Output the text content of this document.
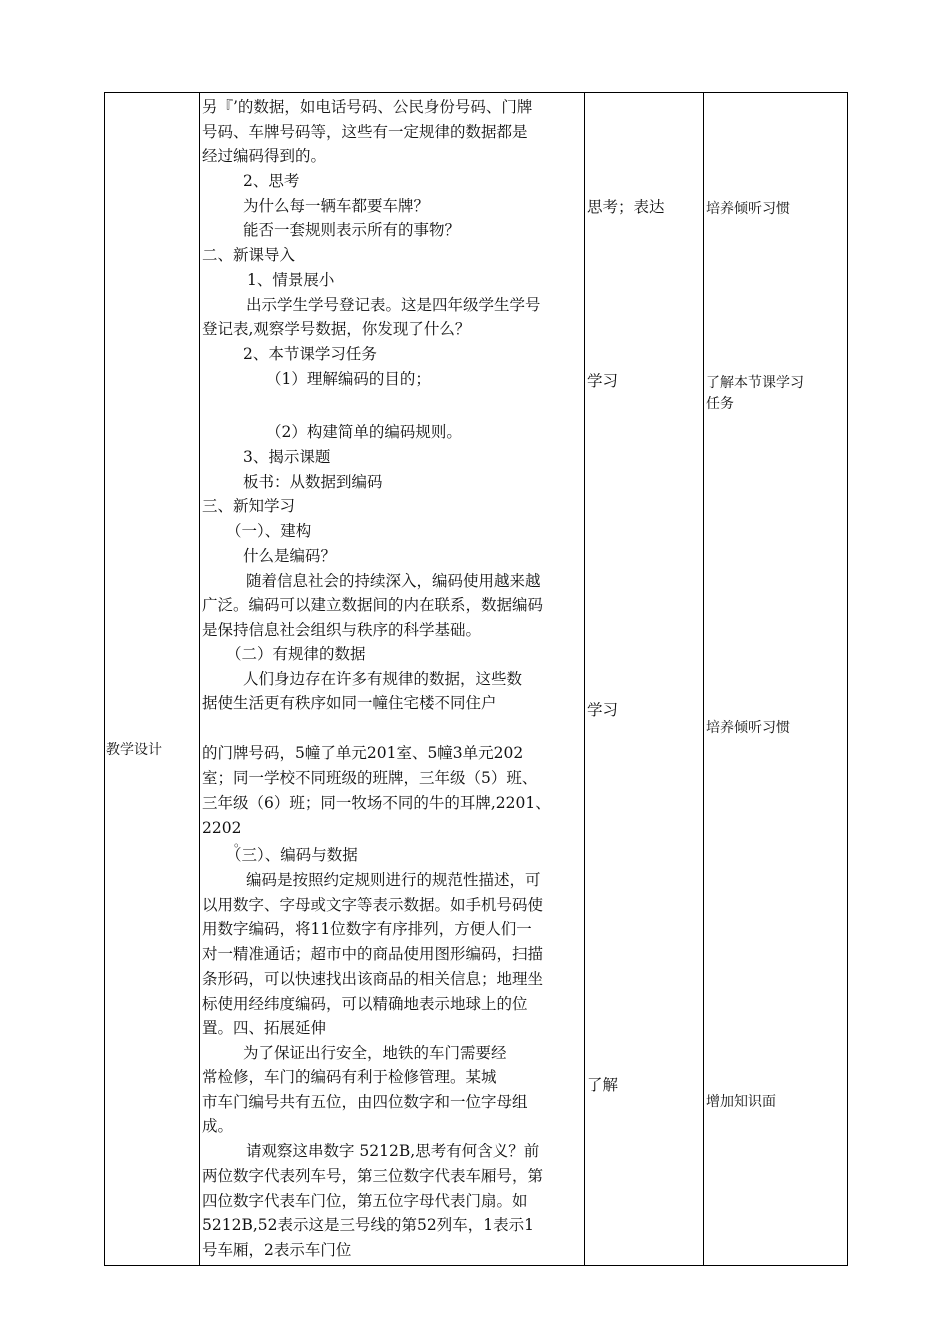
教学设计
另『’的数据，如电话号码、公民身份号码、门牌
号码、车牌号码等，这些有一定规律的数据都是
经过编码得到的。
2、思考
为什么每一辆车都要车牌？
能否一套规则表示所有的事物？
二、新课导入
1、情景展小
出示学生学号登记表。这是四年级学生学号
登记表,观察学号数据，你发现了什么？
2、本节课学习任务
（1）理解编码的目的；
（2）构建简单的编码规则。
3、揭示课题
板书：从数据到编码
三、新知学习
（一）、建构
什么是编码？
随着信息社会的持续深入，编码使用越来越
广泛。编码可以建立数据间的内在联系，数据编码
是保持信息社会组织与秩序的科学基础。
（二）有规律的数据
人们身边存在许多有规律的数据，这些数
据使生活更有秩序如同一幢住宅楼不同住户
的门牌号码，5幢了单元201室、5幢3单元202
室；同一学校不同班级的班牌，三年级（5）班、
三年级（6）班；同一牧场不同的牛的耳牌,2201、
2202
。
（三）、编码与数据
编码是按照约定规则进行的规范性描述，可
以用数字、字母或文字等表示数据。如手机号码使
用数字编码，将11位数字有序排列，方便人们一
对一精准通话；超市中的商品使用图形编码，扫描
条形码，可以快速找出该商品的相关信息；地理坐
标使用经纬度编码，可以精确地表示地球上的位
置。四、拓展延伸
为了保证出行安全，地铁的车门需要经
常检修，车门的编码有利于检修管理。某城
市车门编号共有五位，由四位数字和一位字母组
成。
请观察这串数字 5212B,思考有何含义？前
两位数字代表列车号，第三位数字代表车厢号，第
四位数字代表车门位，第五位字母代表门扇。如
5212B,52表示这是三号线的第52列车，1表示1
号车厢，2表示车门位
思考；表达
学习
学习
了解
培养倾听习惯
了解本节课学习
任务
培养倾听习惯
增加知识面
